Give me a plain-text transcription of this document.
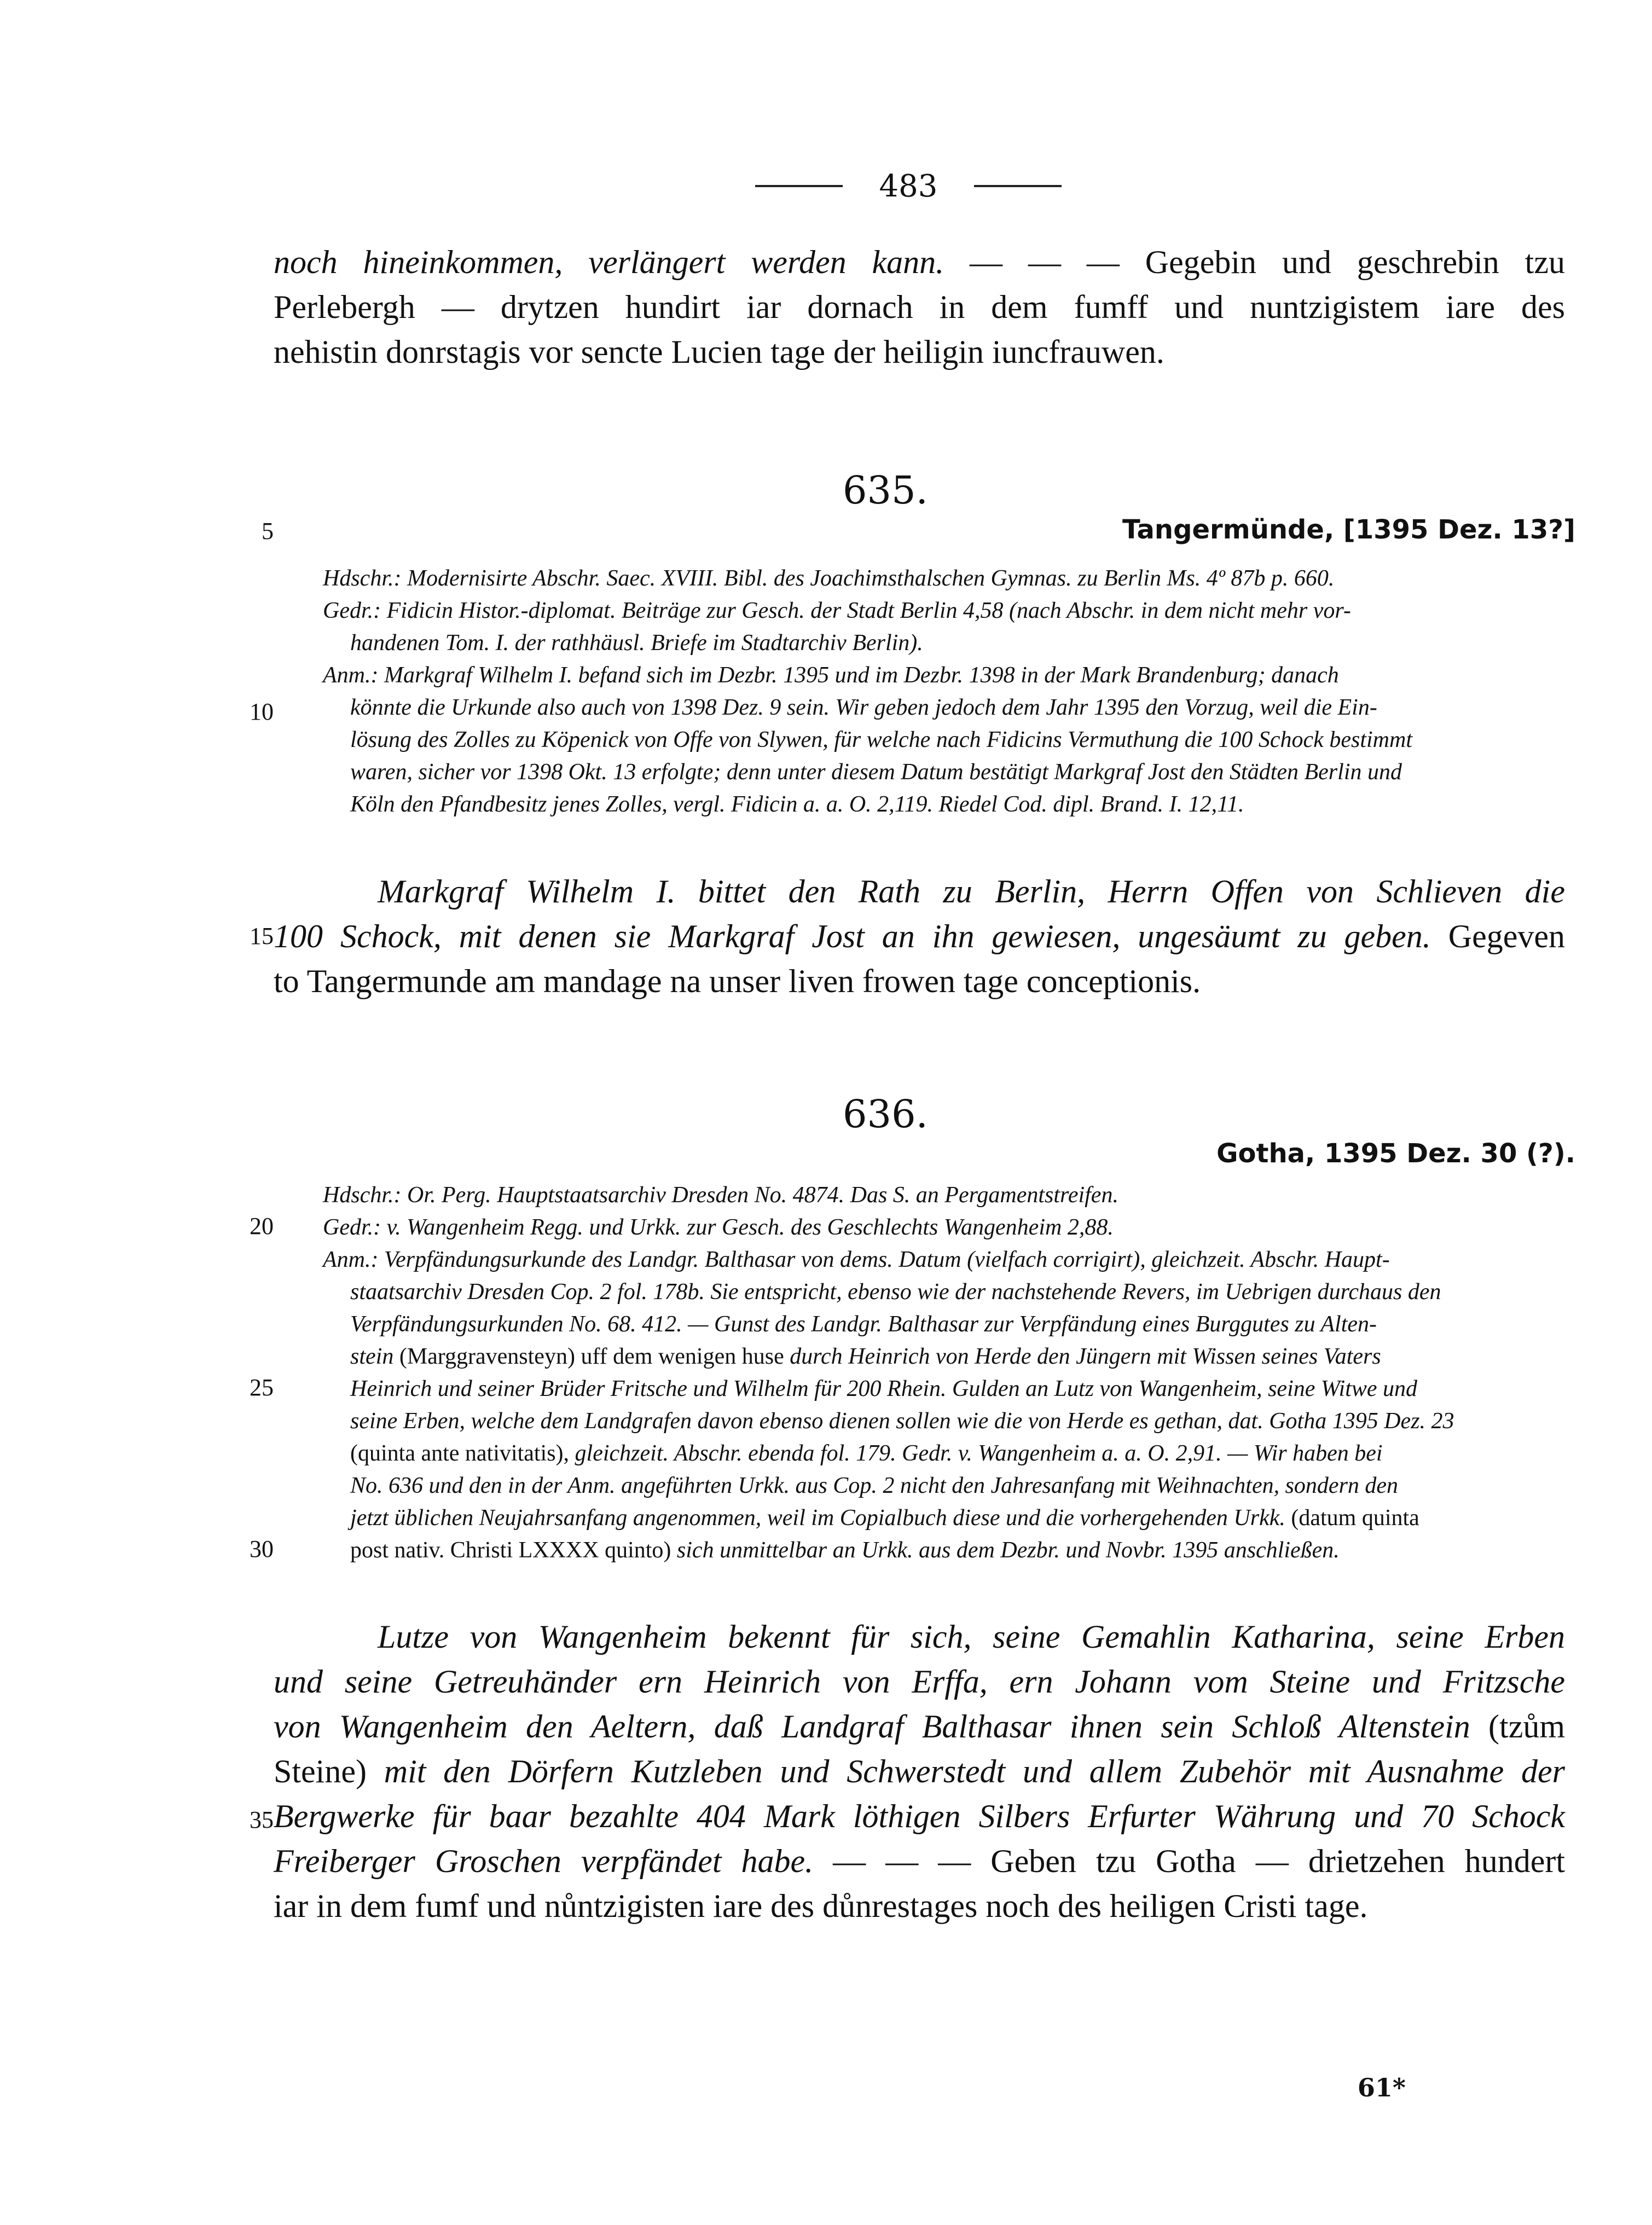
483
noch hineinkommen, verlängert werden kann. — — — Gegebin und geschrebin tzu
Perlebergh — drytzen hundirt iar dornach in dem fumff und nuntzigistem iare des
nehistin donrstagis vor sencte Lucien tage der heiligin iuncfrauwen.
635.
Tangermünde, [1395 Dez. 13?]
Hdschr.: Modernisirte Abschr. Saec. XVIII. Bibl. des Joachimsthalschen Gymnas. zu Berlin Ms. 4º 87b p. 660.
Gedr.: Fidicin Histor.-diplomat. Beiträge zur Gesch. der Stadt Berlin 4,58 (nach Abschr. in dem nicht mehr vor-
handenen Tom. I. der rathhäusl. Briefe im Stadtarchiv Berlin).
Anm.: Markgraf Wilhelm I. befand sich im Dezbr. 1395 und im Dezbr. 1398 in der Mark Brandenburg; danach
könnte die Urkunde also auch von 1398 Dez. 9 sein. Wir geben jedoch dem Jahr 1395 den Vorzug, weil die Ein-
lösung des Zolles zu Köpenick von Offe von Slywen, für welche nach Fidicins Vermuthung die 100 Schock bestimmt
waren, sicher vor 1398 Okt. 13 erfolgte; denn unter diesem Datum bestätigt Markgraf Jost den Städten Berlin und
Köln den Pfandbesitz jenes Zolles, vergl. Fidicin a. a. O. 2,119. Riedel Cod. dipl. Brand. I. 12,11.
Markgraf Wilhelm I. bittet den Rath zu Berlin, Herrn Offen von Schlieven die
100 Schock, mit denen sie Markgraf Jost an ihn gewiesen, ungesäumt zu geben. Gegeven
to Tangermunde am mandage na unser liven frowen tage conceptionis.
636.
Gotha, 1395 Dez. 30 (?).
Hdschr.: Or. Perg. Hauptstaatsarchiv Dresden No. 4874. Das S. an Pergamentstreifen.
Gedr.: v. Wangenheim Regg. und Urkk. zur Gesch. des Geschlechts Wangenheim 2,88.
Anm.: Verpfändungsurkunde des Landgr. Balthasar von dems. Datum (vielfach corrigirt), gleichzeit. Abschr. Haupt-
staatsarchiv Dresden Cop. 2 fol. 178b. Sie entspricht, ebenso wie der nachstehende Revers, im Uebrigen durchaus den
Verpfändungsurkunden No. 68. 412. — Gunst des Landgr. Balthasar zur Verpfändung eines Burggutes zu Alten-
stein (Marggravensteyn) uff dem wenigen huse durch Heinrich von Herde den Jüngern mit Wissen seines Vaters
Heinrich und seiner Brüder Fritsche und Wilhelm für 200 Rhein. Gulden an Lutz von Wangenheim, seine Witwe und
seine Erben, welche dem Landgrafen davon ebenso dienen sollen wie die von Herde es gethan, dat. Gotha 1395 Dez. 23
(quinta ante nativitatis), gleichzeit. Abschr. ebenda fol. 179. Gedr. v. Wangenheim a. a. O. 2,91. — Wir haben bei
No. 636 und den in der Anm. angeführten Urkk. aus Cop. 2 nicht den Jahresanfang mit Weihnachten, sondern den
jetzt üblichen Neujahrsanfang angenommen, weil im Copialbuch diese und die vorhergehenden Urkk. (datum quinta
post nativ. Christi LXXXX quinto) sich unmittelbar an Urkk. aus dem Dezbr. und Novbr. 1395 anschließen.
Lutze von Wangenheim bekennt für sich, seine Gemahlin Katharina, seine Erben
und seine Getreuhänder ern Heinrich von Erffa, ern Johann vom Steine und Fritzsche
von Wangenheim den Aeltern, daß Landgraf Balthasar ihnen sein Schloß Altenstein (tzům
Steine) mit den Dörfern Kutzleben und Schwerstedt und allem Zubehör mit Ausnahme der
Bergwerke für baar bezahlte 404 Mark löthigen Silbers Erfurter Währung und 70 Schock
Freiberger Groschen verpfändet habe. — — — Geben tzu Gotha — drietzehen hundert
iar in dem fumf und nůntzigisten iare des důnrestages noch des heiligen Cristi tage.
5
10
15
20
25
30
35
61*
